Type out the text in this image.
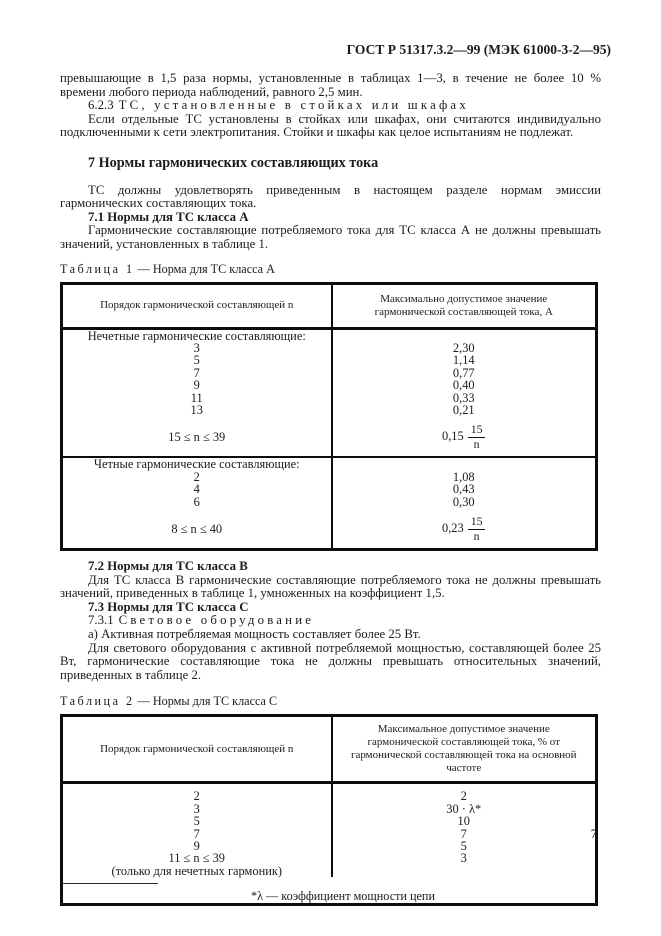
ГОСТ Р 51317.3.2—99 (МЭК 61000-3-2—95)

превышающие в 1,5 раза нормы, установленные в таблицах 1—3, в течение не более 10 % времени любого периода наблюдений, равного 2,5 мин.

6.2.3 ТС, установленные в стойках или шкафах

Если отдельные ТС установлены в стойках или шкафах, они считаются индивидуально подключенными к сети электропитания. Стойки и шкафы как целое испытаниям не подлежат.

7 Нормы гармонических составляющих тока

ТС должны удовлетворять приведенным в настоящем разделе нормам эмиссии гармонических составляющих тока.

7.1 Нормы для ТС класса А

Гармонические составляющие потребляемого тока для ТС класса А не должны превышать значений, установленных в таблице 1.

Таблица 1 — Норма для ТС класса А

Порядок гармонической составляющей n	Максимально допустимое значение гармонической составляющей тока, А
Нечетные гармонические составляющие:	
3	2,30
5	1,14
7	0,77
9	0,40
11	0,33
13	0,21
15 ≤ n ≤ 39	$0,15 \frac{15}{n}$

Четные гармонические составляющие:	
2	1,08
4	0,43
6	0,30
8 ≤ n ≤ 40	$0,23 \frac{15}{n}$

7.2 Нормы для ТС класса В

Для ТС класса В гармонические составляющие потребляемого тока не должны превышать значений, приведенных в таблице 1, умноженных на коэффициент 1,5.

7.3 Нормы для ТС класса С

7.3.1 Световое оборудование

а) Активная потребляемая мощность составляет более 25 Вт.

Для светового оборудования с активной потребляемой мощностью, составляющей более 25 Вт, гармонические составляющие тока не должны превышать относительных значений, приведенных в таблице 2.

Таблица 2 — Нормы для ТС класса С

Порядок гармонической составляющей n	Максимальное допустимое значение гармонической составляющей тока, % от гармонической составляющей тока на основной частоте
2	2
3	30 · λ*
5	10
7	7
9	5
11 ≤ n ≤ 39	3
(только для нечетных гармоник)	

*λ — коэффициент мощности цепи	
7
